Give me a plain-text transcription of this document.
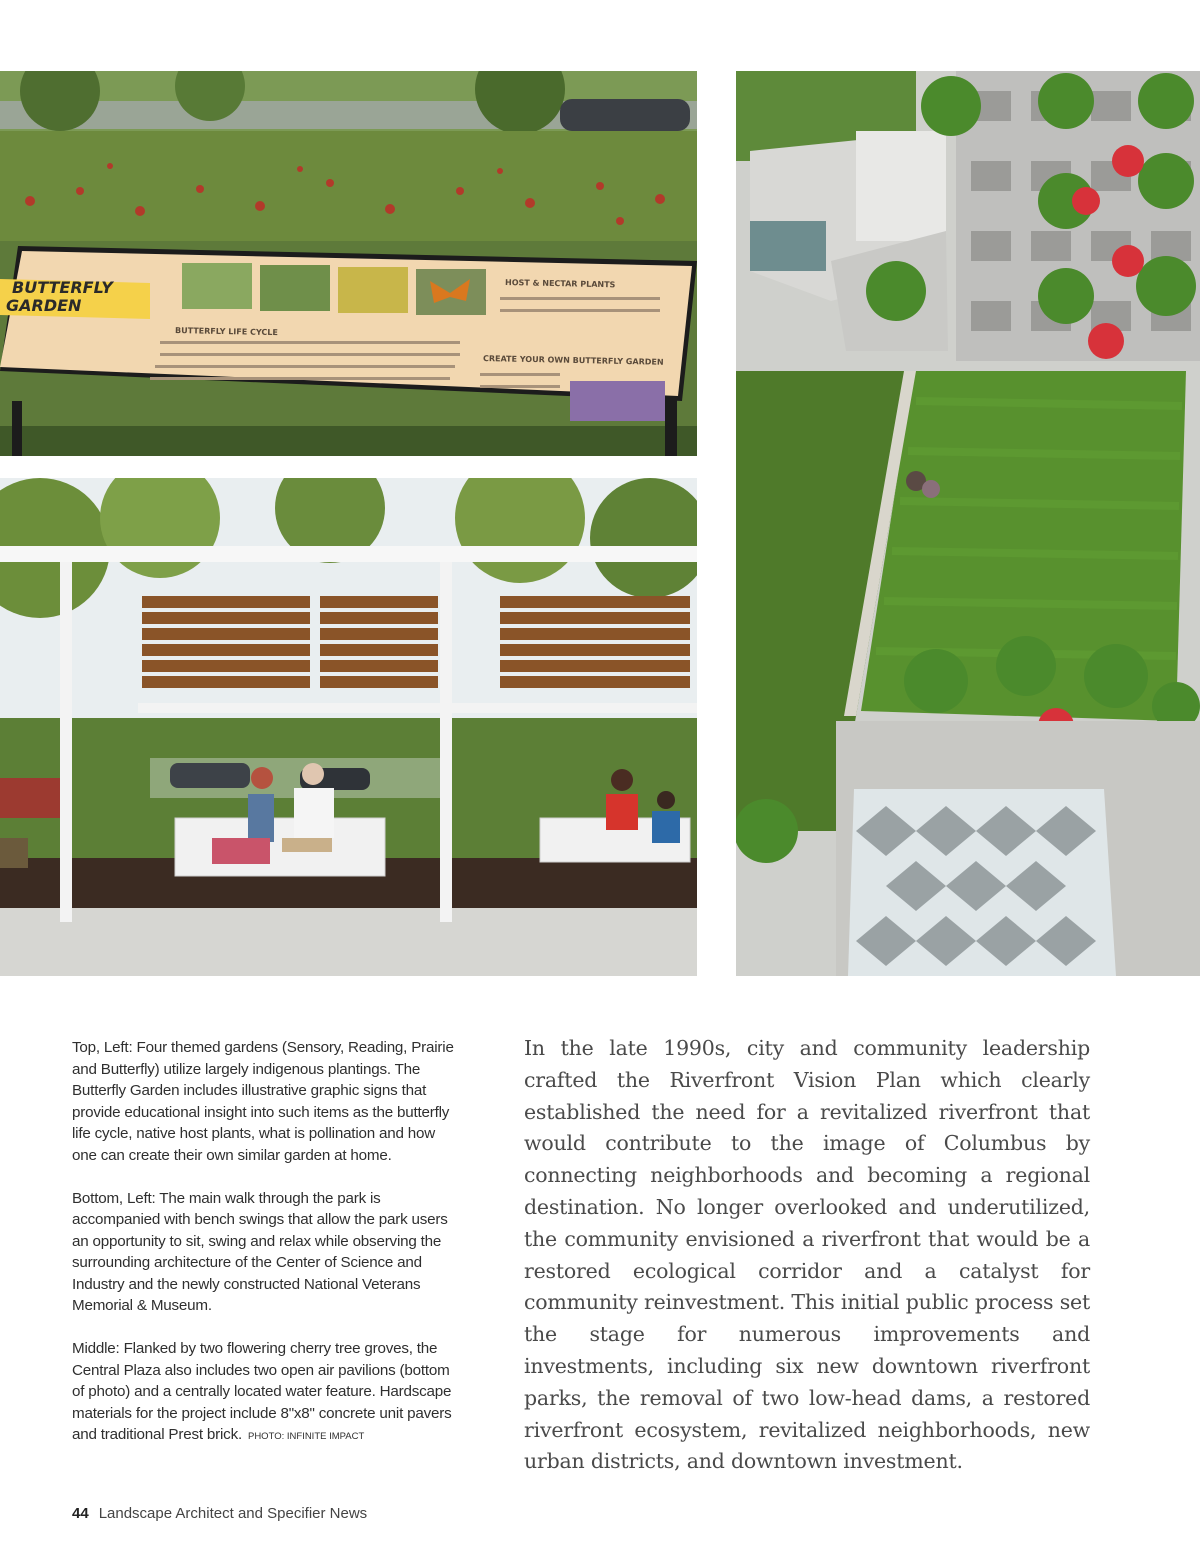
BUTTERFLY
GARDEN
BUTTERFLY LIFE CYCLE
HOST & NECTAR PLANTS
CREATE YOUR OWN BUTTERFLY GARDEN

Top, Left: Four themed gardens (Sensory, Reading, Prairie and Butterfly) utilize largely indigenous plantings. The Butterfly Garden includes illustrative graphic signs that provide educational insight into such items as the butterfly life cycle, native host plants, what is pollination and how one can create their own similar garden at home.

Bottom, Left: The main walk through the park is accompanied with bench swings that allow the park users an opportunity to sit, swing and relax while observing the surrounding architecture of the Center of Science and Industry and the newly constructed National Veterans Memorial & Museum.

Middle: Flanked by two flowering cherry tree groves, the Central Plaza also includes two open air pavilions (bottom of photo) and a centrally located water feature. Hardscape materials for the project include 8"x8" concrete unit pavers and traditional Prest brick. PHOTO: INFINITE IMPACT

In the late 1990s, city and community leadership crafted the Riverfront Vision Plan which clearly established the need for a revitalized riverfront that would contribute to the image of Columbus by connecting neighborhoods and becoming a regional destination. No longer overlooked and underutilized, the community envisioned a riverfront that would be a restored ecological corridor and a catalyst for community reinvestment. This initial public process set the stage for numerous improvements and investments, including six new downtown riverfront parks, the removal of two low-head dams, a restored riverfront ecosystem, revitalized neighborhoods, new urban districts, and downtown investment.

44 Landscape Architect and Specifier News
